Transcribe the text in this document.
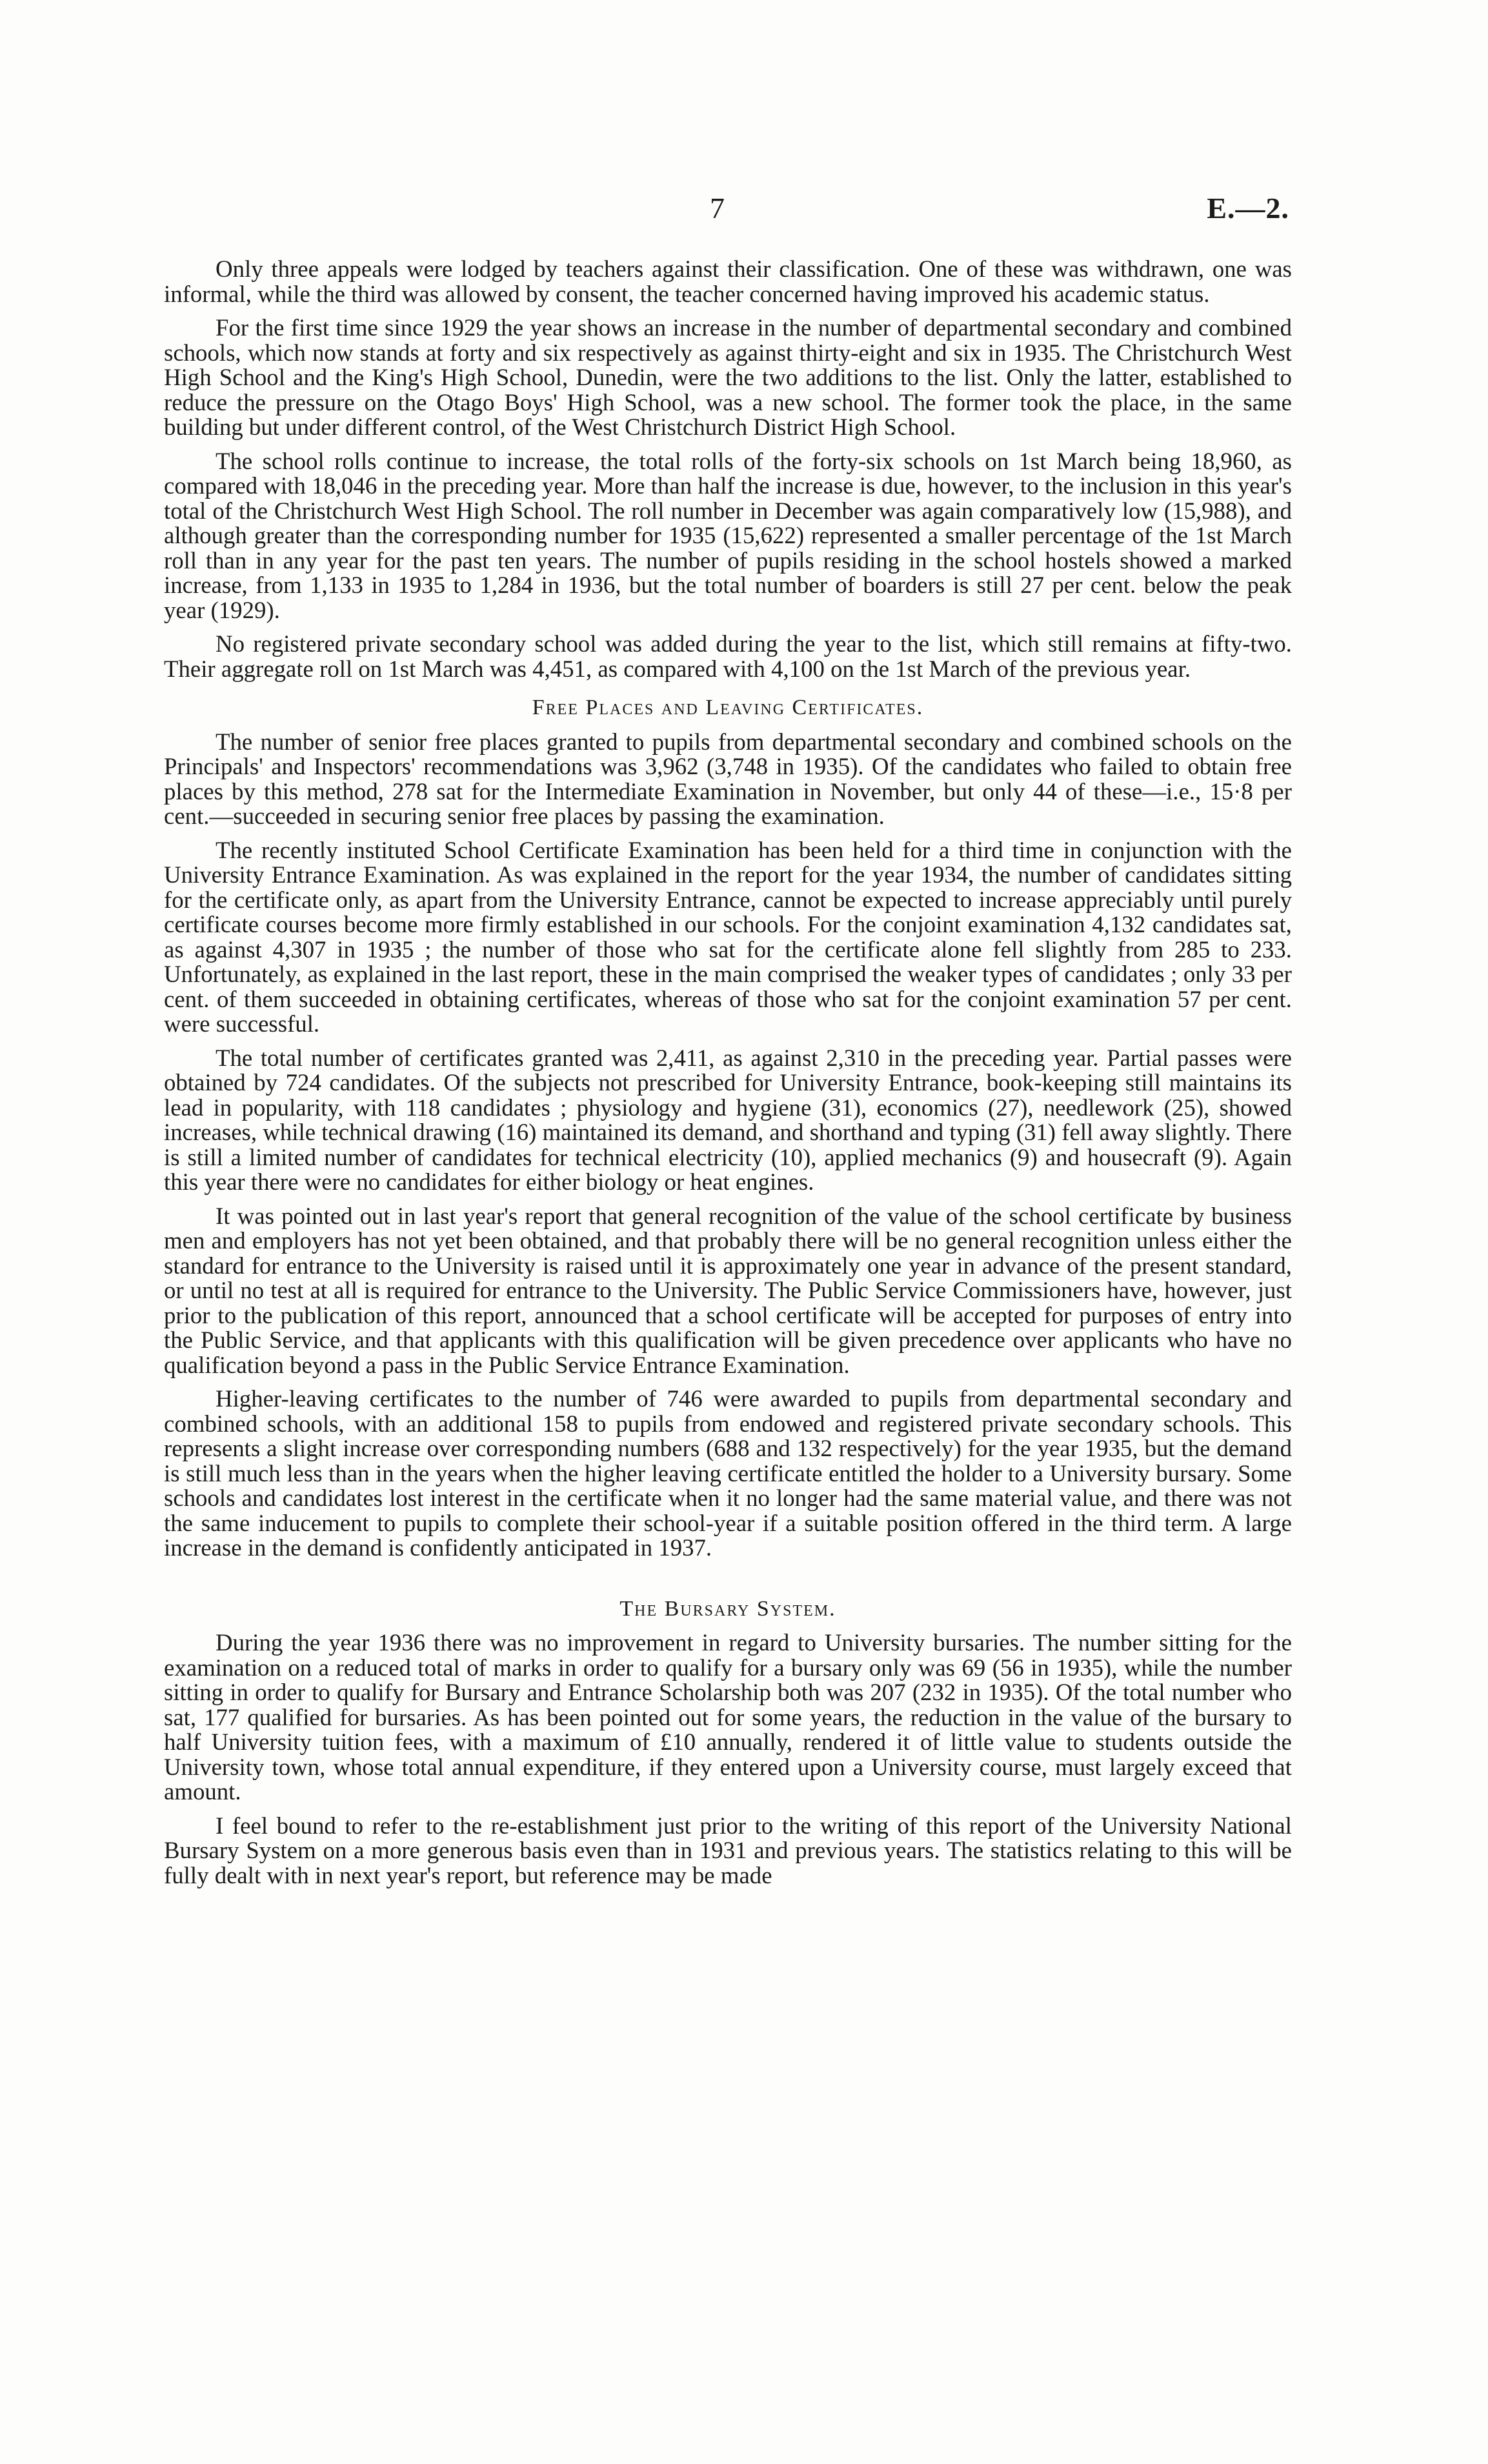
7	E.—2.

Only three appeals were lodged by teachers against their classification. One of these was withdrawn, one was informal, while the third was allowed by consent, the teacher concerned having improved his academic status.

For the first time since 1929 the year shows an increase in the number of departmental secondary and combined schools, which now stands at forty and six respectively as against thirty-eight and six in 1935. The Christchurch West High School and the King's High School, Dunedin, were the two additions to the list. Only the latter, established to reduce the pressure on the Otago Boys' High School, was a new school. The former took the place, in the same building but under different control, of the West Christchurch District High School.

The school rolls continue to increase, the total rolls of the forty-six schools on 1st March being 18,960, as compared with 18,046 in the preceding year. More than half the increase is due, however, to the inclusion in this year's total of the Christchurch West High School. The roll number in December was again comparatively low (15,988), and although greater than the corresponding number for 1935 (15,622) represented a smaller percentage of the 1st March roll than in any year for the past ten years. The number of pupils residing in the school hostels showed a marked increase, from 1,133 in 1935 to 1,284 in 1936, but the total number of boarders is still 27 per cent. below the peak year (1929).

No registered private secondary school was added during the year to the list, which still remains at fifty-two. Their aggregate roll on 1st March was 4,451, as compared with 4,100 on the 1st March of the previous year.

Free Places and Leaving Certificates.

The number of senior free places granted to pupils from departmental secondary and combined schools on the Principals' and Inspectors' recommendations was 3,962 (3,748 in 1935). Of the candidates who failed to obtain free places by this method, 278 sat for the Intermediate Examination in November, but only 44 of these—i.e., 15·8 per cent.—succeeded in securing senior free places by passing the examination.

The recently instituted School Certificate Examination has been held for a third time in conjunction with the University Entrance Examination. As was explained in the report for the year 1934, the number of candidates sitting for the certificate only, as apart from the University Entrance, cannot be expected to increase appreciably until purely certificate courses become more firmly established in our schools. For the conjoint examination 4,132 candidates sat, as against 4,307 in 1935 ; the number of those who sat for the certificate alone fell slightly from 285 to 233. Unfortunately, as explained in the last report, these in the main comprised the weaker types of candidates ; only 33 per cent. of them succeeded in obtaining certificates, whereas of those who sat for the conjoint examination 57 per cent. were successful.

The total number of certificates granted was 2,411, as against 2,310 in the preceding year. Partial passes were obtained by 724 candidates. Of the subjects not prescribed for University Entrance, book-keeping still maintains its lead in popularity, with 118 candidates ; physiology and hygiene (31), economics (27), needlework (25), showed increases, while technical drawing (16) maintained its demand, and shorthand and typing (31) fell away slightly. There is still a limited number of candidates for technical electricity (10), applied mechanics (9) and housecraft (9). Again this year there were no candidates for either biology or heat engines.

It was pointed out in last year's report that general recognition of the value of the school certificate by business men and employers has not yet been obtained, and that probably there will be no general recognition unless either the standard for entrance to the University is raised until it is approximately one year in advance of the present standard, or until no test at all is required for entrance to the University. The Public Service Commissioners have, however, just prior to the publication of this report, announced that a school certificate will be accepted for purposes of entry into the Public Service, and that applicants with this qualification will be given precedence over applicants who have no qualification beyond a pass in the Public Service Entrance Examination.

Higher-leaving certificates to the number of 746 were awarded to pupils from departmental secondary and combined schools, with an additional 158 to pupils from endowed and registered private secondary schools. This represents a slight increase over corresponding numbers (688 and 132 respectively) for the year 1935, but the demand is still much less than in the years when the higher leaving certificate entitled the holder to a University bursary. Some schools and candidates lost interest in the certificate when it no longer had the same material value, and there was not the same inducement to pupils to complete their school-year if a suitable position offered in the third term. A large increase in the demand is confidently anticipated in 1937.

The Bursary System.

During the year 1936 there was no improvement in regard to University bursaries. The number sitting for the examination on a reduced total of marks in order to qualify for a bursary only was 69 (56 in 1935), while the number sitting in order to qualify for Bursary and Entrance Scholarship both was 207 (232 in 1935). Of the total number who sat, 177 qualified for bursaries. As has been pointed out for some years, the reduction in the value of the bursary to half University tuition fees, with a maximum of £10 annually, rendered it of little value to students outside the University town, whose total annual expenditure, if they entered upon a University course, must largely exceed that amount.

I feel bound to refer to the re-establishment just prior to the writing of this report of the University National Bursary System on a more generous basis even than in 1931 and previous years. The statistics relating to this will be fully dealt with in next year's report, but reference may be made
